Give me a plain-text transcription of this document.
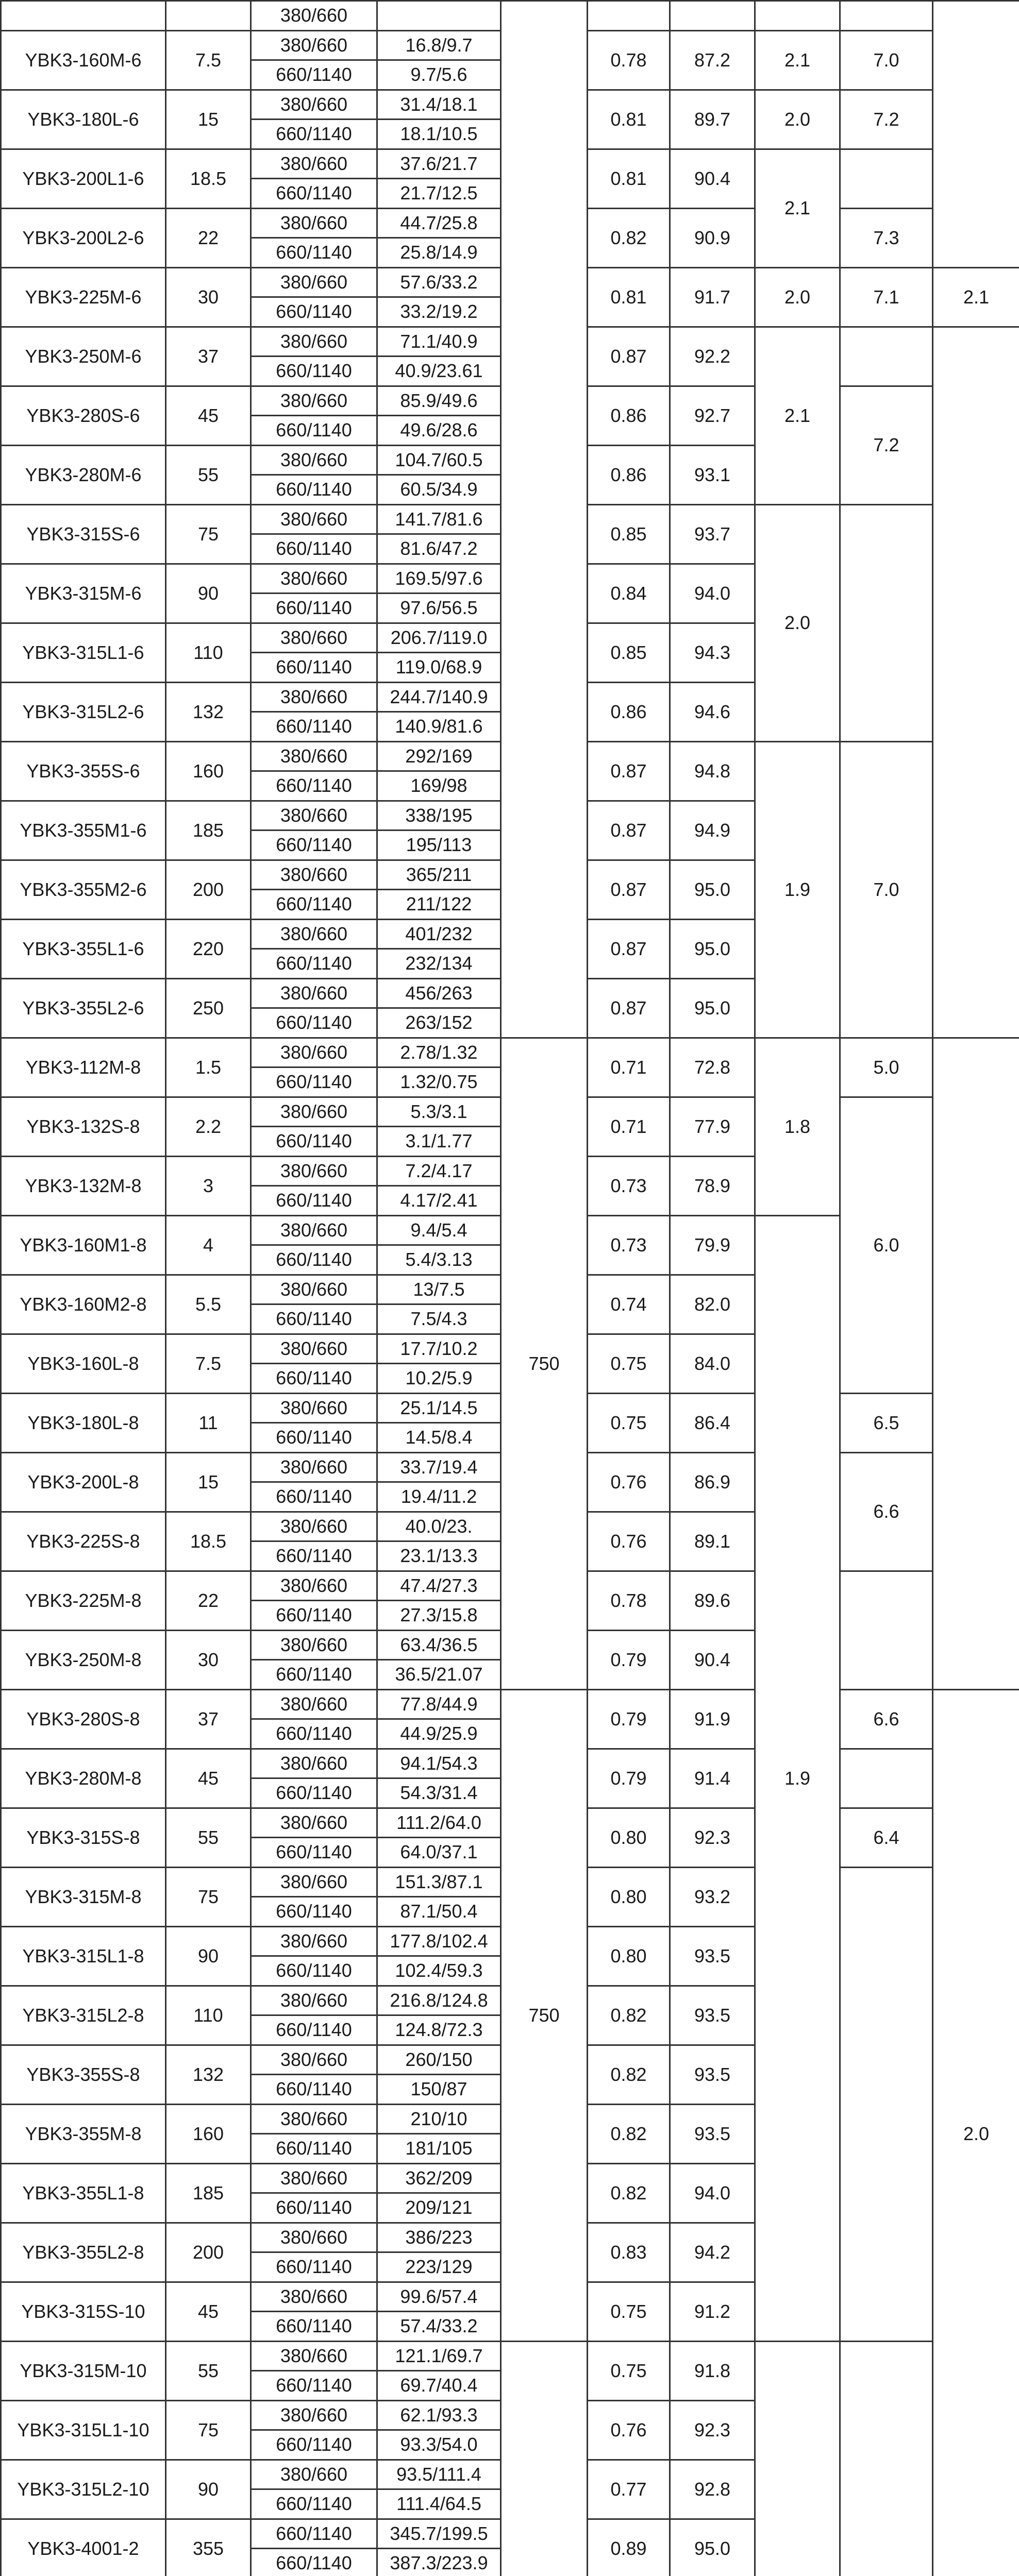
		380/660							
YBK3-160M-6	7.5	380/660	16.8/9.7		0.78	87.2	2.1	7.0	
		660/1140	9.7/5.6						
YBK3-180L-6	15	380/660	31.4/18.1		0.81	89.7	2.0	7.2	
		660/1140	18.1/10.5						
YBK3-200L1-6	18.5	380/660	37.6/21.7		0.81	90.4	2.1		
		660/1140	21.7/12.5						
YBK3-200L2-6	22	380/660	44.7/25.8		0.82	90.9		7.3	
		660/1140	25.8/14.9						
YBK3-225M-6	30	380/660	57.6/33.2		0.81	91.7	2.0	7.1	2.1
		660/1140	33.2/19.2						
YBK3-250M-6	37	380/660	71.1/40.9		0.87	92.2	2.1		
		660/1140	40.9/23.61						
YBK3-280S-6	45	380/660	85.9/49.6		0.86	92.7		7.2	
		660/1140	49.6/28.6						
YBK3-280M-6	55	380/660	104.7/60.5		0.86	93.1			
		660/1140	60.5/34.9						
YBK3-315S-6	75	380/660	141.7/81.6		0.85	93.7	2.0		
		660/1140	81.6/47.2						
YBK3-315M-6	90	380/660	169.5/97.6		0.84	94.0			
		660/1140	97.6/56.5						
YBK3-315L1-6	110	380/660	206.7/119.0		0.85	94.3			
		660/1140	119.0/68.9						
YBK3-315L2-6	132	380/660	244.7/140.9		0.86	94.6			
		660/1140	140.9/81.6						
YBK3-355S-6	160	380/660	292/169		0.87	94.8	1.9	7.0	
		660/1140	169/98						
YBK3-355M1-6	185	380/660	338/195		0.87	94.9			
		660/1140	195/113						
YBK3-355M2-6	200	380/660	365/211		0.87	95.0			
		660/1140	211/122						
YBK3-355L1-6	220	380/660	401/232		0.87	95.0			
		660/1140	232/134						
YBK3-355L2-6	250	380/660	456/263		0.87	95.0			
		660/1140	263/152						
YBK3-112M-8	1.5	380/660	2.78/1.32	750	0.71	72.8	1.8	5.0	
		660/1140	1.32/0.75						
YBK3-132S-8	2.2	380/660	5.3/3.1		0.71	77.9		6.0	
		660/1140	3.1/1.77						
YBK3-132M-8	3	380/660	7.2/4.17		0.73	78.9			
		660/1140	4.17/2.41						
YBK3-160M1-8	4	380/660	9.4/5.4		0.73	79.9	1.9		
		660/1140	5.4/3.13						
YBK3-160M2-8	5.5	380/660	13/7.5		0.74	82.0			
		660/1140	7.5/4.3						
YBK3-160L-8	7.5	380/660	17.7/10.2		0.75	84.0			
		660/1140	10.2/5.9						
YBK3-180L-8	11	380/660	25.1/14.5		0.75	86.4		6.5	
		660/1140	14.5/8.4						
YBK3-200L-8	15	380/660	33.7/19.4		0.76	86.9		6.6	
		660/1140	19.4/11.2						
YBK3-225S-8	18.5	380/660	40.0/23.		0.76	89.1			
		660/1140	23.1/13.3						
YBK3-225M-8	22	380/660	47.4/27.3		0.78	89.6			
		660/1140	27.3/15.8						
YBK3-250M-8	30	380/660	63.4/36.5		0.79	90.4			
		660/1140	36.5/21.07						
YBK3-280S-8	37	380/660	77.8/44.9	750	0.79	91.9		6.6	2.0
		660/1140	44.9/25.9						
YBK3-280M-8	45	380/660	94.1/54.3		0.79	91.4			
		660/1140	54.3/31.4						
YBK3-315S-8	55	380/660	111.2/64.0		0.80	92.3		6.4	
		660/1140	64.0/37.1						
YBK3-315M-8	75	380/660	151.3/87.1		0.80	93.2			
		660/1140	87.1/50.4						
YBK3-315L1-8	90	380/660	177.8/102.4		0.80	93.5			
		660/1140	102.4/59.3						
YBK3-315L2-8	110	380/660	216.8/124.8		0.82	93.5			
		660/1140	124.8/72.3						
YBK3-355S-8	132	380/660	260/150		0.82	93.5			
		660/1140	150/87						
YBK3-355M-8	160	380/660	210/10		0.82	93.5			
		660/1140	181/105						
YBK3-355L1-8	185	380/660	362/209		0.82	94.0			
		660/1140	209/121						
YBK3-355L2-8	200	380/660	386/223		0.83	94.2			
		660/1140	223/129						
YBK3-315S-10	45	380/660	99.6/57.4		0.75	91.2			
		660/1140	57.4/33.2						
YBK3-315M-10	55	380/660	121.1/69.7		0.75	91.8			
		660/1140	69.7/40.4						
YBK3-315L1-10	75	380/660	62.1/93.3		0.76	92.3			
		660/1140	93.3/54.0						
YBK3-315L2-10	90	380/660	93.5/111.4		0.77	92.8			
		660/1140	111.4/64.5						
YBK3-4001-2	355	660/1140	345.7/199.5		0.89	95.0			
		660/1140	387.3/223.9						
